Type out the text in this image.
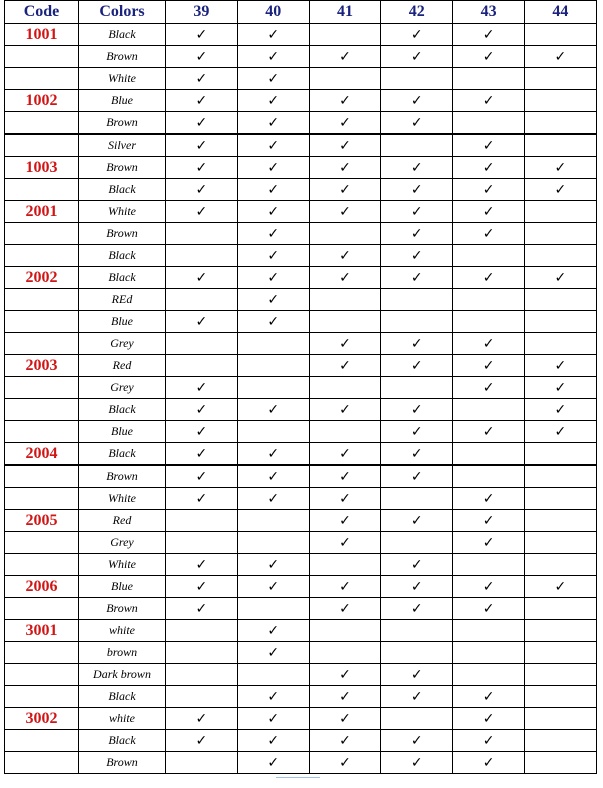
Code	Colors	39	40	41	42	43	44
1001	Black	✓	✓		✓	✓	
	Brown	✓	✓	✓	✓	✓	✓
	White	✓	✓				
1002	Blue	✓	✓	✓	✓	✓	
	Brown	✓	✓	✓	✓		
	Silver	✓	✓	✓		✓	
1003	Brown	✓	✓	✓	✓	✓	✓
	Black	✓	✓	✓	✓	✓	✓
2001	White	✓	✓	✓	✓	✓	
	Brown		✓		✓	✓	
	Black		✓	✓	✓		
2002	Black	✓	✓	✓	✓	✓	✓
	REd		✓				
	Blue	✓	✓				
	Grey			✓	✓	✓	
2003	Red			✓	✓	✓	✓
	Grey	✓				✓	✓
	Black	✓	✓	✓	✓		✓
	Blue	✓			✓	✓	✓
2004	Black	✓	✓	✓	✓		
	Brown	✓	✓	✓	✓		
	White	✓	✓	✓		✓	
2005	Red			✓	✓	✓	
	Grey			✓		✓	
	White	✓	✓		✓		
2006	Blue	✓	✓	✓	✓	✓	✓
	Brown	✓		✓	✓	✓	
3001	white		✓				
	brown		✓				
	Dark brown			✓	✓		
	Black		✓	✓	✓	✓	
3002	white	✓	✓	✓		✓	
	Black	✓	✓	✓	✓	✓	
	Brown		✓	✓	✓	✓	
